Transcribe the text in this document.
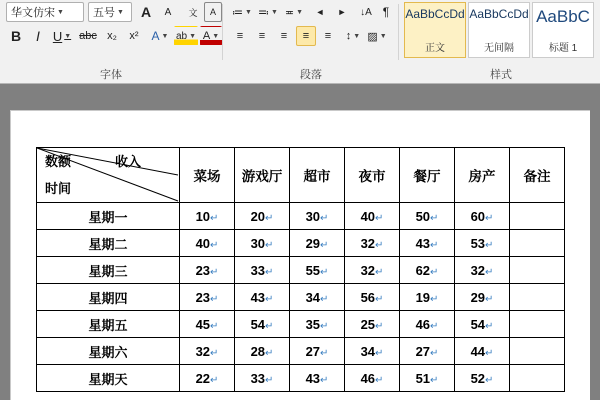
华文仿宋 ▼	五号 ▼ A A 文 A
B I U ▼ abc x₂ x² A ▼ ab ▼ A ▼
字体
≔ ▼ ≕ ▼ ≖ ▼ ◄ ► ↓A ¶
≡ ≡ ≡ ≡ ≡ ↕ ▼ ▨ ▼
段落
AaBbCcDd
正文
AaBbCcDd
无间隔
AaBbC
标题 1
样式
数额 收入
时间	菜场	游戏厅	超市	夜市	餐厅	房产	备注
星期一	10↵	20↵	30↵	40↵	50↵	60↵	
星期二	40↵	30↵	29↵	32↵	43↵	53↵	
星期三	23↵	33↵	55↵	32↵	62↵	32↵	
星期四	23↵	43↵	34↵	56↵	19↵	29↵	
星期五	45↵	54↵	35↵	25↵	46↵	54↵	
星期六	32↵	28↵	27↵	34↵	27↵	44↵	
星期天	22↵	33↵	43↵	46↵	51↵	52↵	
